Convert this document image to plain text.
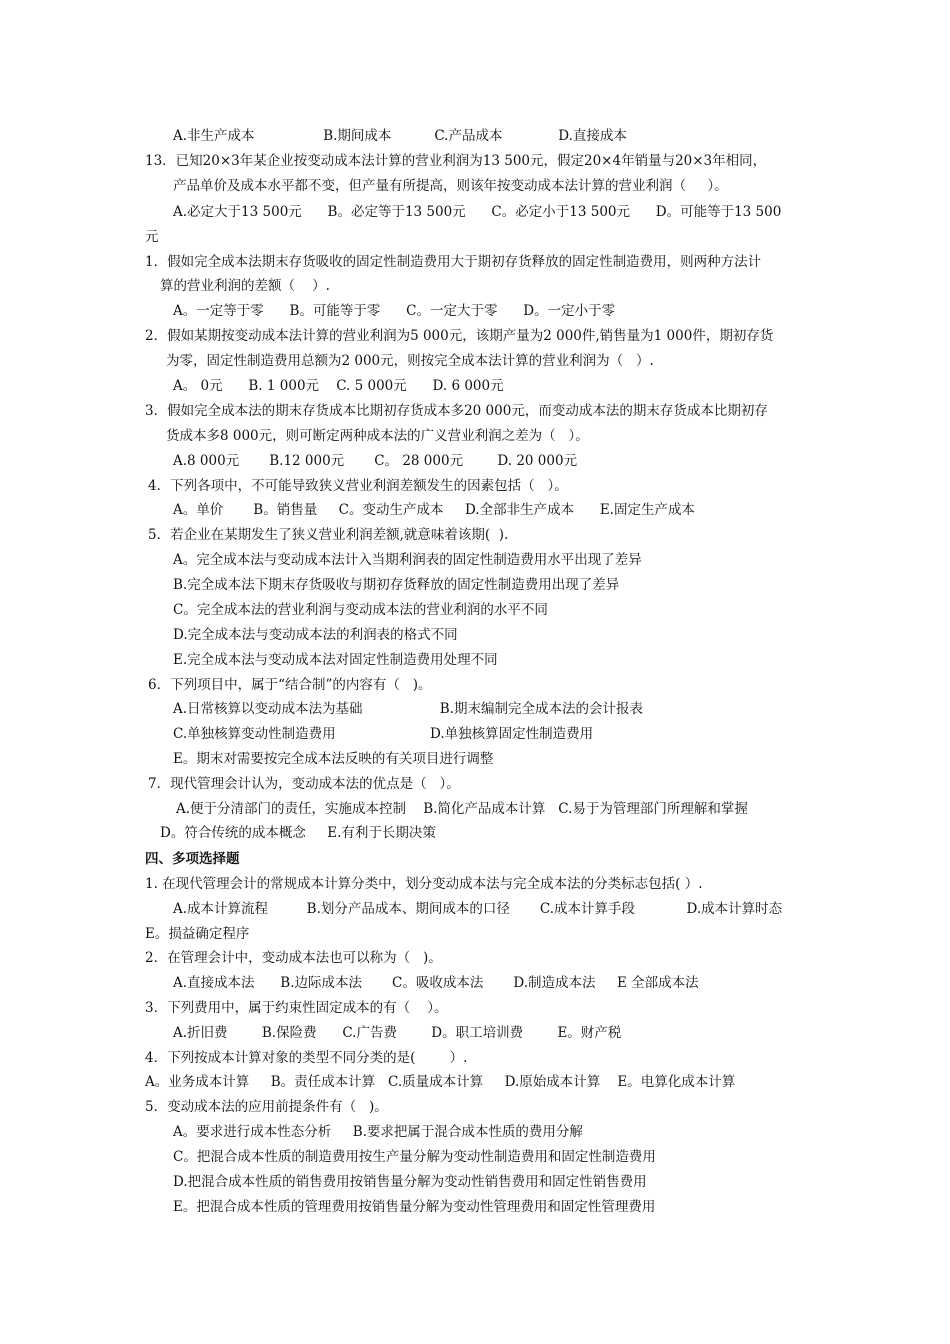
A.非生产成本                B.期间成本          C.产品成本             D.直接成本
13．已知20×3年某企业按变动成本法计算的营业利润为13 500元，假定20×4年销量与20×3年相同，
产品单价及成本水平都不变，但产量有所提高，则该年按变动成本法计算的营业利润（     ）。
A.必定大于13 500元      B。必定等于13 500元      C。必定小于13 500元      D。可能等于13 500
元
1．假如完全成本法期末存货吸收的固定性制造费用大于期初存货释放的固定性制造费用，则两种方法计
算的营业利润的差额（    ）.
A。一定等于零      B。可能等于零      C。一定大于零      D。一定小于零
2．假如某期按变动成本法计算的营业利润为5 000元，该期产量为2 000件,销售量为1 000件，期初存货
为零，固定性制造费用总额为2 000元，则按完全成本法计算的营业利润为（   ）.
A。 0元      B. 1 000元    C. 5 000元      D. 6 000元
3．假如完全成本法的期末存货成本比期初存货成本多20 000元，而变动成本法的期末存货成本比期初存
货成本多8 000元，则可断定两种成本法的广义营业利润之差为（   ）。
A.8 000元       B.12 000元       C。 28 000元        D. 20 000元
4．下列各项中，不可能导致狭义营业利润差额发生的因素包括（   ）。
A。单价       B。销售量     C。变动生产成本     D.全部非生产成本      E.固定生产成本
5．若企业在某期发生了狭义营业利润差额,就意味着该期(  ).
A。完全成本法与变动成本法计入当期利润表的固定性制造费用水平出现了差异
B.完全成本法下期末存货吸收与期初存货释放的固定性制造费用出现了差异
C。完全成本法的营业利润与变动成本法的营业利润的水平不同
D.完全成本法与变动成本法的利润表的格式不同
E.完全成本法与变动成本法对固定性制造费用处理不同
6．下列项目中，属于“结合制”的内容有（   )。
A.日常核算以变动成本法为基础                  B.期末编制完全成本法的会计报表
C.单独核算变动性制造费用                      D.单独核算固定性制造费用
E。期末对需要按完全成本法反映的有关项目进行调整
7．现代管理会计认为，变动成本法的优点是（   ）。
A.便于分清部门的责任，实施成本控制    B.简化产品成本计算   C.易于为管理部门所理解和掌握
D。符合传统的成本概念     E.有利于长期决策
四、多项选择题
1. 在现代管理会计的常规成本计算分类中，划分变动成本法与完全成本法的分类标志包括( ）.
A.成本计算流程         B.划分产品成本、期间成本的口径       C.成本计算手段            D.成本计算时态
E。损益确定程序
2．在管理会计中，变动成本法也可以称为（   )。
A.直接成本法      B.边际成本法       C。吸收成本法       D.制造成本法     E 全部成本法
3．下列费用中，属于约束性固定成本的有（    ）。
A.折旧费        B.保险费      C.广告费        D。职工培训费        E。财产税
4．下列按成本计算对象的类型不同分类的是(        ）.
A。业务成本计算     B。责任成本计算   C.质量成本计算     D.原始成本计算    E。电算化成本计算
5．变动成本法的应用前提条件有（   )。
A。要求进行成本性态分析     B.要求把属于混合成本性质的费用分解
C。把混合成本性质的制造费用按生产量分解为变动性制造费用和固定性制造费用
D.把混合成本性质的销售费用按销售量分解为变动性销售费用和固定性销售费用
E。把混合成本性质的管理费用按销售量分解为变动性管理费用和固定性管理费用
